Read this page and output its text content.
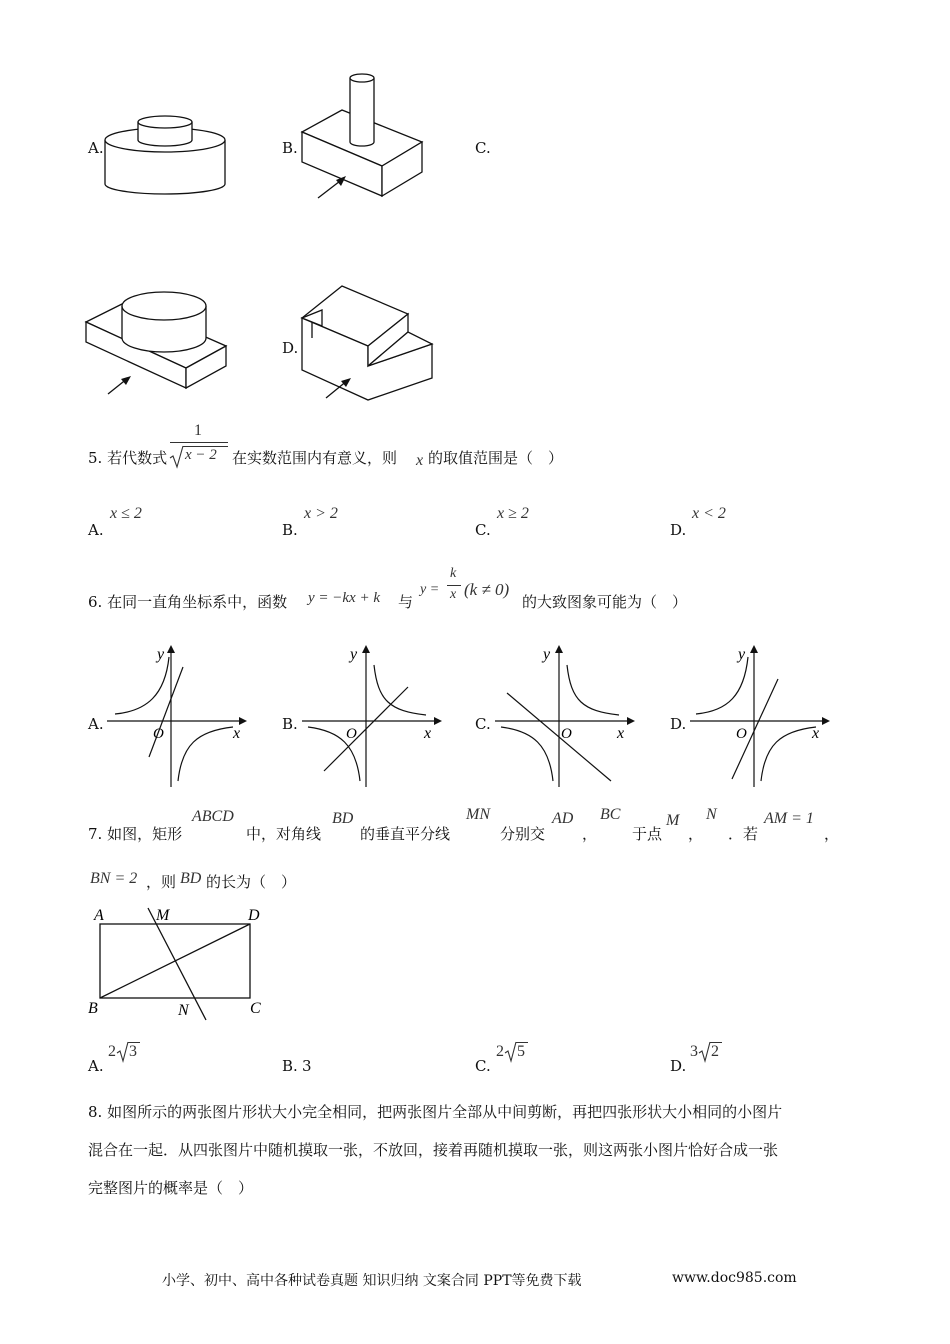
A.	B.	C.
D.
5. 若代数式
1
x − 2 在实数范围内有意义，则 x 的取值范围是（　）
A.
x ≤ 2
B.
x > 2
C.
x ≥ 2
D.
x < 2
6. 在同一直角坐标系中，函数 y = −kx + k 与
y =
k
x (k ≠ 0)
的大致图象可能为（　）
A.
y
x
O
B.
y
x
O
C.
y
x
O
D.
y
x
O
7. 如图，矩形
ABCD
中，对角线
BD
的垂直平分线
MN
分别交
AD
，
BC
于点
M
，
N
．若
AM = 1
，
BN = 2 ，则 BD 的长为（　）
A	M	D
B	N	C
A.
2 3
B. 3	C.
2 5
D.
3 2
8. 如图所示的两张图片形状大小完全相同，把两张图片全部从中间剪断，再把四张形状大小相同的小图片
混合在一起．从四张图片中随机摸取一张，不放回，接着再随机摸取一张，则这两张小图片恰好合成一张
完整图片的概率是（　）
小学、初中、高中各种试卷真题 知识归纳 文案合同 PPT等免费下载	www.doc985.com
